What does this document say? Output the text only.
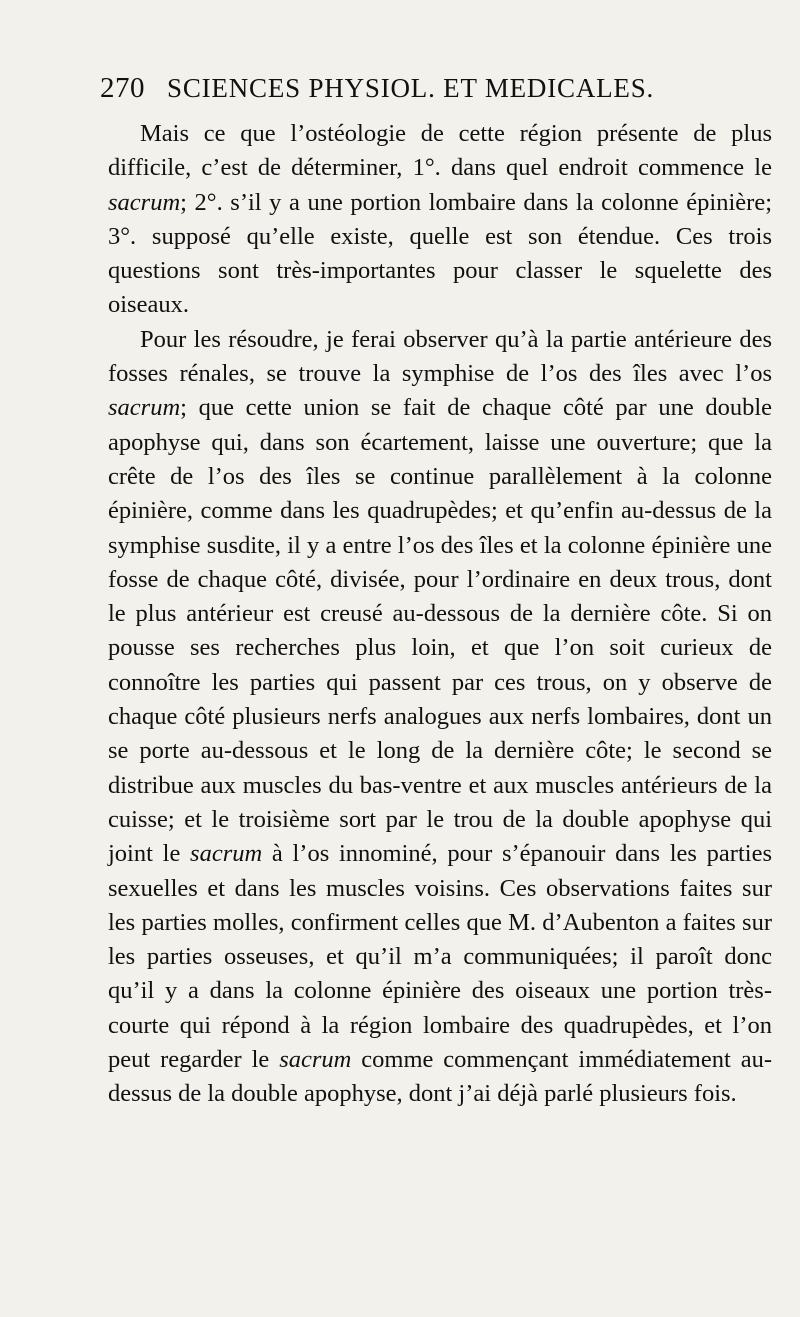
270 SCIENCES PHYSIOL. ET MEDICALES.

Mais ce que l’ostéologie de cette région présente de plus difficile, c’est de déterminer, 1°. dans quel endroit commence le sacrum; 2°. s’il y a une portion lombaire dans la colonne épinière; 3°. supposé qu’elle existe, quelle est son étendue. Ces trois questions sont très-importantes pour classer le squelette des oiseaux.

Pour les résoudre, je ferai observer qu’à la partie antérieure des fosses rénales, se trouve la symphise de l’os des îles avec l’os sacrum; que cette union se fait de chaque côté par une double apophyse qui, dans son écartement, laisse une ouverture; que la crête de l’os des îles se continue parallèlement à la colonne épinière, comme dans les quadrupèdes; et qu’enfin au-dessus de la symphise susdite, il y a entre l’os des îles et la colonne épinière une fosse de chaque côté, divisée, pour l’ordinaire en deux trous, dont le plus antérieur est creusé au-dessous de la dernière côte. Si on pousse ses recherches plus loin, et que l’on soit curieux de connoître les parties qui passent par ces trous, on y observe de chaque côté plusieurs nerfs analogues aux nerfs lombaires, dont un se porte au-dessous et le long de la dernière côte; le second se distribue aux muscles du bas-ventre et aux muscles antérieurs de la cuisse; et le troisième sort par le trou de la double apophyse qui joint le sacrum à l’os innominé, pour s’épanouir dans les parties sexuelles et dans les muscles voisins. Ces observations faites sur les parties molles, confirment celles que M. d’Aubenton a faites sur les parties osseuses, et qu’il m’a communiquées; il paroît donc qu’il y a dans la colonne épinière des oiseaux une portion très-courte qui répond à la région lombaire des quadrupèdes, et l’on peut regarder le sacrum comme commençant immédiatement au-dessus de la double apophyse, dont j’ai déjà parlé plusieurs fois.
